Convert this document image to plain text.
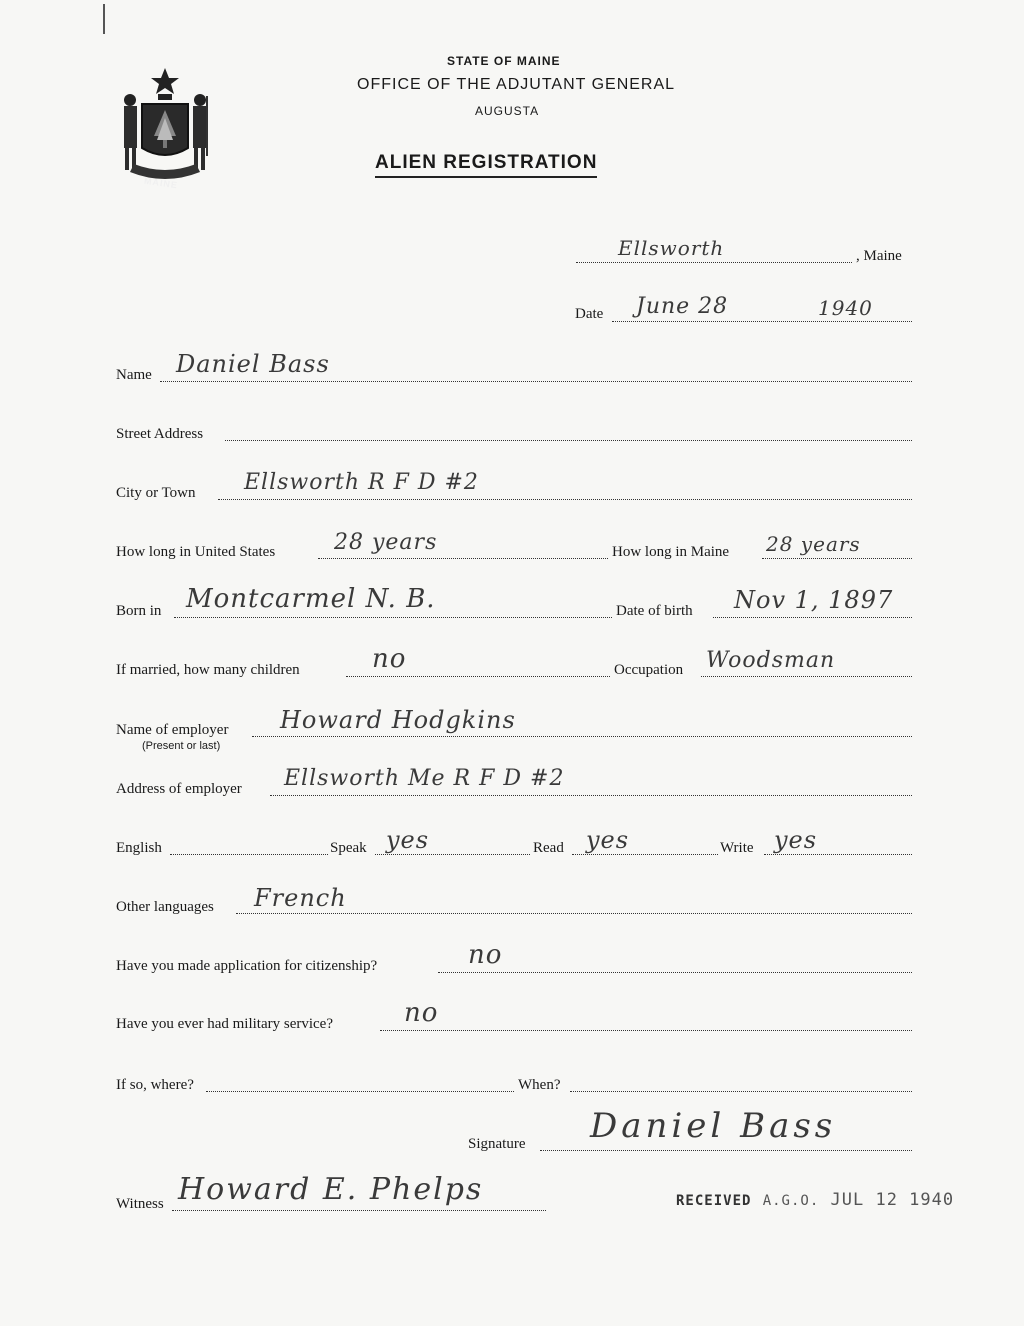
MAINE
STATE OF MAINE
OFFICE OF THE ADJUTANT GENERAL
AUGUSTA
ALIEN REGISTRATION
Ellsworth	, Maine
Date June 28	1940
Name Daniel Bass
Street Address
City or Town Ellsworth R F D #2
How long in United States	28 years	How long in Maine 28 years
Born in Montcarmel N. B.	Date of birth Nov 1, 1897
If married, how many children	no	Occupation Woodsman
Name of employer
(Present or last)
Howard Hodgkins
Address of employer Ellsworth Me R F D #2
English	Speak yes	Read yes	Write yes
Other languages French
Have you made application for citizenship?	no
Have you ever had military service?	no
If so, where?	When?
Signature Daniel Bass
Witness Howard E. Phelps	RECEIVED A.G.O. JUL 12 1940
